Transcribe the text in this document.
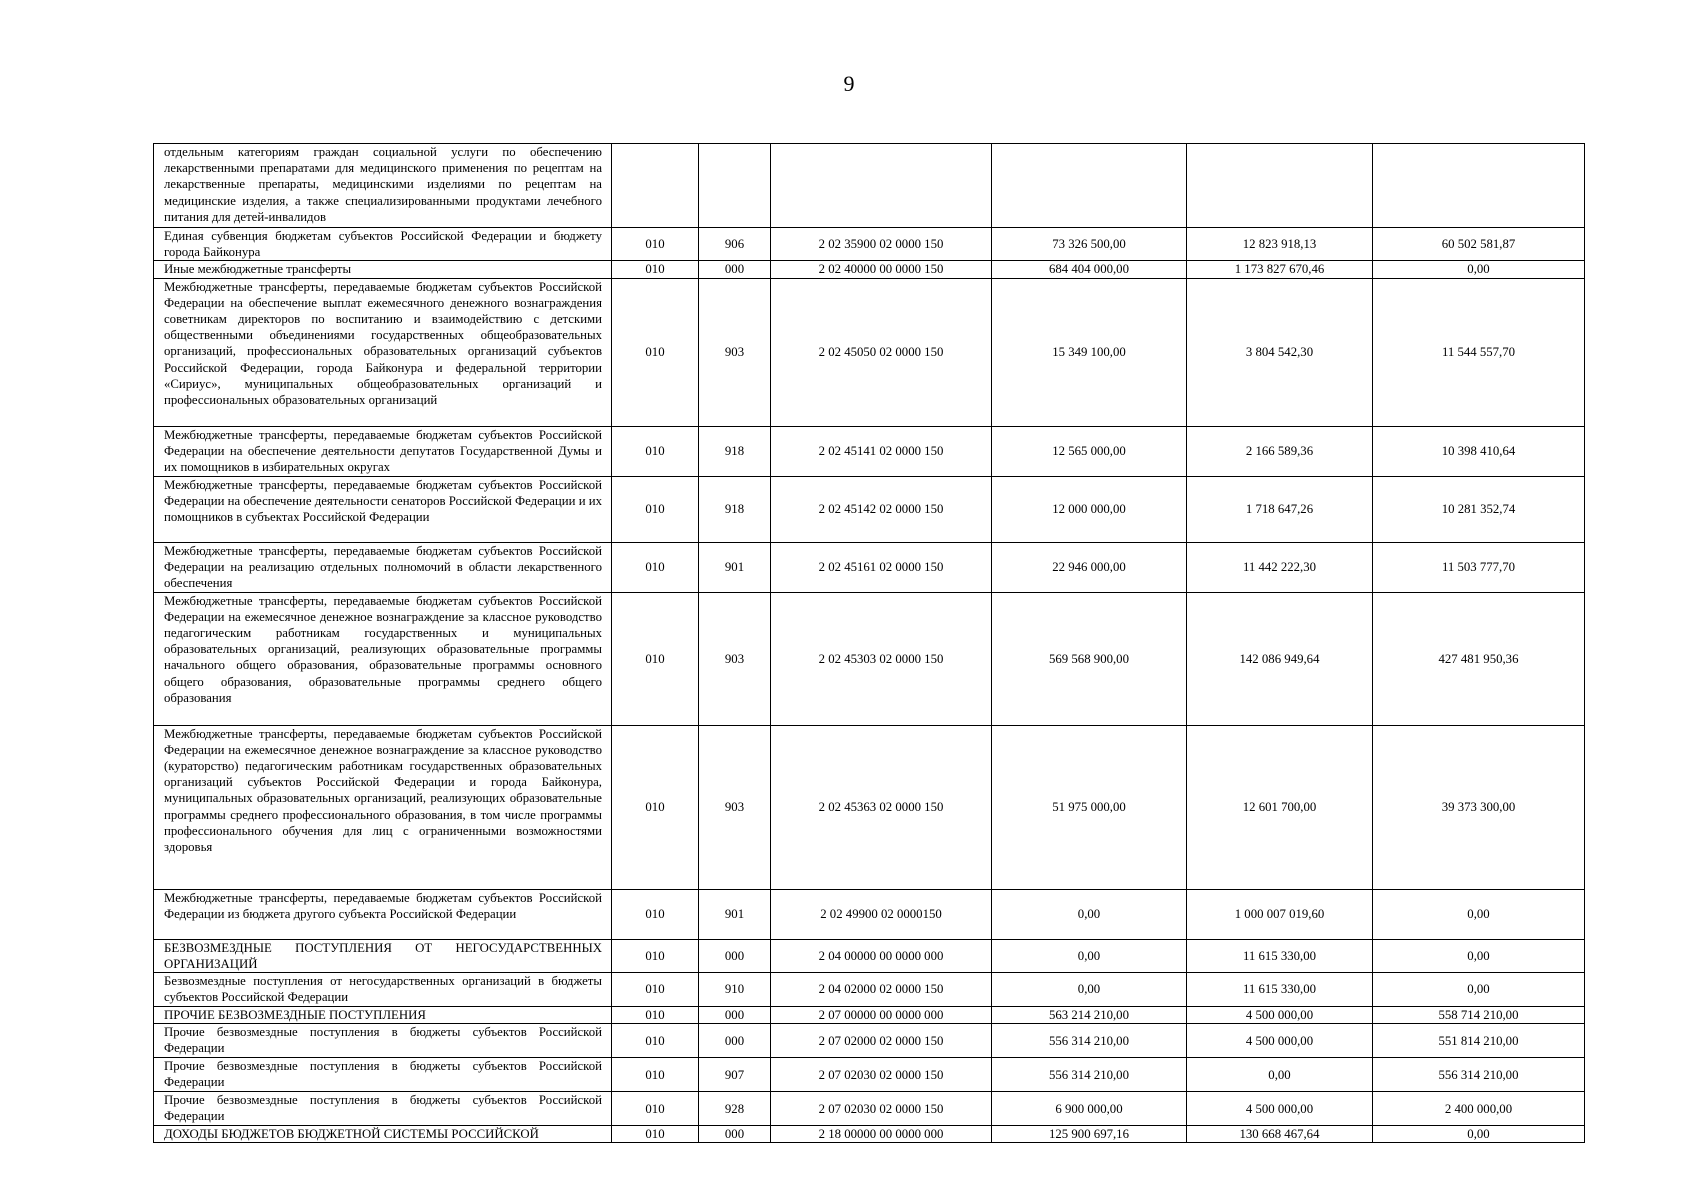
9
отдельным категориям граждан социальной услуги по обеспечению лекарственными препаратами для медицинского применения по рецептам на лекарственные препараты, медицинскими изделиями по рецептам на медицинские изделия, а также специализированными продуктами лечебного питания для детей-инвалидов						
Единая субвенция бюджетам субъектов Российской Федерации и бюджету города Байконура	010	906	2 02 35900 02 0000 150	73 326 500,00	12 823 918,13	60 502 581,87
Иные межбюджетные трансферты	010	000	2 02 40000 00 0000 150	684 404 000,00	1 173 827 670,46	0,00
Межбюджетные трансферты, передаваемые бюджетам субъектов Российской Федерации на обеспечение выплат ежемесячного денежного вознаграждения советникам директоров по воспитанию и взаимодействию с детскими общественными объединениями государственных общеобразовательных организаций, профессиональных образовательных организаций субъектов Российской Федерации, города Байконура и федеральной территории «Сириус», муниципальных общеобразовательных организаций и профессиональных образовательных организаций	010	903	2 02 45050 02 0000 150	15 349 100,00	3 804 542,30	11 544 557,70
Межбюджетные трансферты, передаваемые бюджетам субъектов Российской Федерации на обеспечение деятельности депутатов Государственной Думы и их помощников в избирательных округах	010	918	2 02 45141 02 0000 150	12 565 000,00	2 166 589,36	10 398 410,64
Межбюджетные трансферты, передаваемые бюджетам субъектов Российской Федерации на обеспечение деятельности сенаторов Российской Федерации и их помощников в субъектах Российской Федерации	010	918	2 02 45142 02 0000 150	12 000 000,00	1 718 647,26	10 281 352,74
Межбюджетные трансферты, передаваемые бюджетам субъектов Российской Федерации на реализацию отдельных полномочий в области лекарственного обеспечения	010	901	2 02 45161 02 0000 150	22 946 000,00	11 442 222,30	11 503 777,70
Межбюджетные трансферты, передаваемые бюджетам субъектов Российской Федерации на ежемесячное денежное вознаграждение за классное руководство педагогическим работникам государственных и муниципальных образовательных организаций, реализующих образовательные программы начального общего образования, образовательные программы основного общего образования, образовательные программы среднего общего образования	010	903	2 02 45303 02 0000 150	569 568 900,00	142 086 949,64	427 481 950,36
Межбюджетные трансферты, передаваемые бюджетам субъектов Российской Федерации на ежемесячное денежное вознаграждение за классное руководство (кураторство) педагогическим работникам государственных образовательных организаций субъектов Российской Федерации и города Байконура, муниципальных образовательных организаций, реализующих образовательные программы среднего профессионального образования, в том числе программы профессионального обучения для лиц с ограниченными возможностями здоровья	010	903	2 02 45363 02 0000 150	51 975 000,00	12 601 700,00	39 373 300,00
Межбюджетные трансферты, передаваемые бюджетам субъектов Российской Федерации из бюджета другого субъекта Российской Федерации	010	901	2 02 49900 02 0000150	0,00	1 000 007 019,60	0,00
БЕЗВОЗМЕЗДНЫЕ ПОСТУПЛЕНИЯ ОТ НЕГОСУДАРСТВЕННЫХ ОРГАНИЗАЦИЙ	010	000	2 04 00000 00 0000 000	0,00	11 615 330,00	0,00
Безвозмездные поступления от негосударственных организаций в бюджеты субъектов Российской Федерации	010	910	2 04 02000 02 0000 150	0,00	11 615 330,00	0,00
ПРОЧИЕ БЕЗВОЗМЕЗДНЫЕ ПОСТУПЛЕНИЯ	010	000	2 07 00000 00 0000 000	563 214 210,00	4 500 000,00	558 714 210,00
Прочие безвозмездные поступления в бюджеты субъектов Российской Федерации	010	000	2 07 02000 02 0000 150	556 314 210,00	4 500 000,00	551 814 210,00
Прочие безвозмездные поступления в бюджеты субъектов Российской Федерации	010	907	2 07 02030 02 0000 150	556 314 210,00	0,00	556 314 210,00
Прочие безвозмездные поступления в бюджеты субъектов Российской Федерации	010	928	2 07 02030 02 0000 150	6 900 000,00	4 500 000,00	2 400 000,00
ДОХОДЫ БЮДЖЕТОВ БЮДЖЕТНОЙ СИСТЕМЫ РОССИЙСКОЙ	010	000	2 18 00000 00 0000 000	125 900 697,16	130 668 467,64	0,00
